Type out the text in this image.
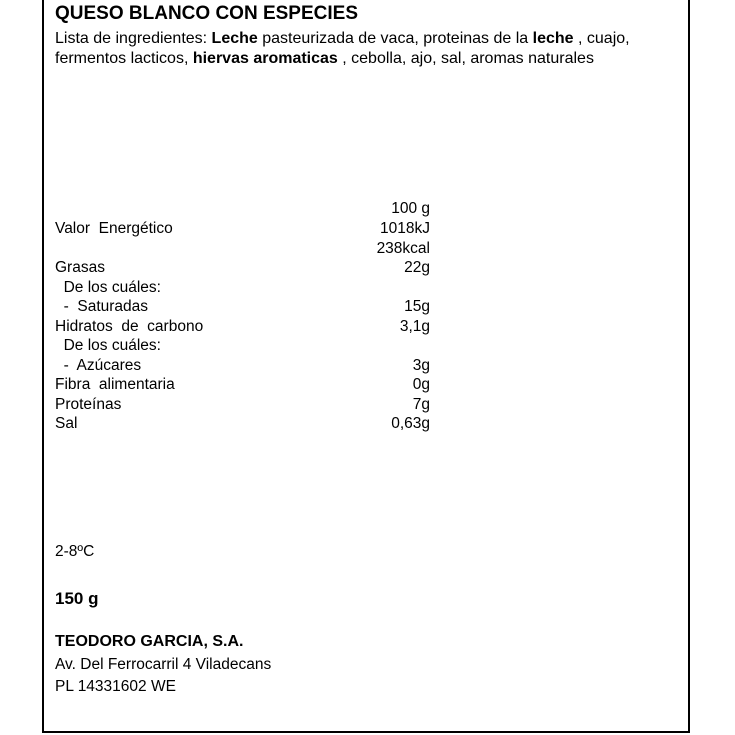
QUESO BLANCO CON ESPECIES
Lista de ingredientes: Leche pasteurizada de vaca, proteinas de la leche , cuajo, fermentos lacticos, hiervas aromaticas , cebolla, ajo, sal, aromas naturales
100 g
Valor  Energético	1018kJ
238kcal
Grasas	22g
De los cuáles:
-  Saturadas	15g
Hidratos  de  carbono	3,1g
De los cuáles:
-  Azúcares	3g
Fibra  alimentaria	0g
Proteínas	7g
Sal	0,63g
2-8ºC
150 g
TEODORO GARCIA, S.A.
Av. Del Ferrocarril 4 Viladecans
PL 14331602 WE
